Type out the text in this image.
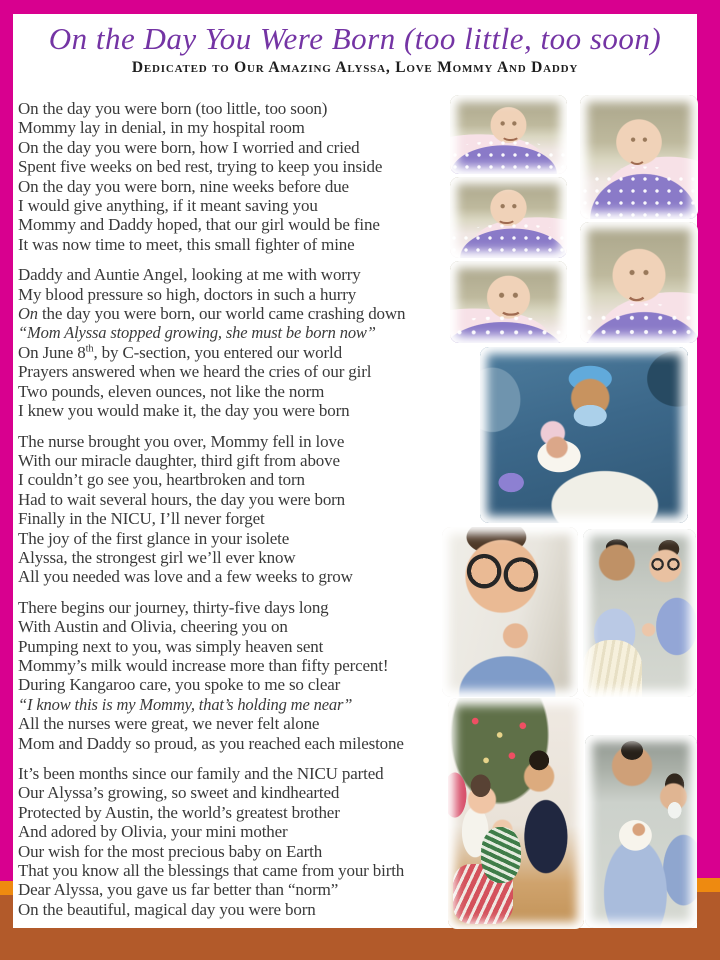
On the Day You Were Born (too little, too soon)
Dedicated to Our Amazing Alyssa, Love Mommy And Daddy
On the day you were born (too little, too soon)
Mommy lay in denial, in my hospital room
On the day you were born, how I worried and cried
Spent five weeks on bed rest, trying to keep you inside
On the day you were born, nine weeks before due
I would give anything, if it meant saving you
Mommy and Daddy hoped, that our girl would be fine
It was now time to meet, this small fighter of mine
Daddy and Auntie Angel, looking at me with worry
My blood pressure so high, doctors in such a hurry
On the day you were born, our world came crashing down
“Mom Alyssa stopped growing, she must be born now”
On June 8th, by C-section, you entered our world
Prayers answered when we heard the cries of our girl
Two pounds, eleven ounces, not like the norm
I knew you would make it, the day you were born
The nurse brought you over, Mommy fell in love
With our miracle daughter, third gift from above
I couldn’t go see you, heartbroken and torn
Had to wait several hours, the day you were born
Finally in the NICU, I’ll never forget
The joy of the first glance in your isolete
Alyssa, the strongest girl we’ll ever know
All you needed was love and a few weeks to grow
There begins our journey, thirty-five days long
With Austin and Olivia, cheering you on
Pumping next to you, was simply heaven sent
Mommy’s milk would increase more than fifty percent!
During Kangaroo care, you spoke to me so clear
“I know this is my Mommy, that’s holding me near”
All the nurses were great, we never felt alone
Mom and Daddy so proud, as you reached each milestone
It’s been months since our family and the NICU parted
Our Alyssa’s growing, so sweet and kindhearted
Protected by Austin, the world’s greatest brother
And adored by Olivia, your mini mother
Our wish for the most precious baby on Earth
That you know all the blessings that came from your birth
Dear Alyssa, you gave us far better than “norm”
On the beautiful, magical day you were born
